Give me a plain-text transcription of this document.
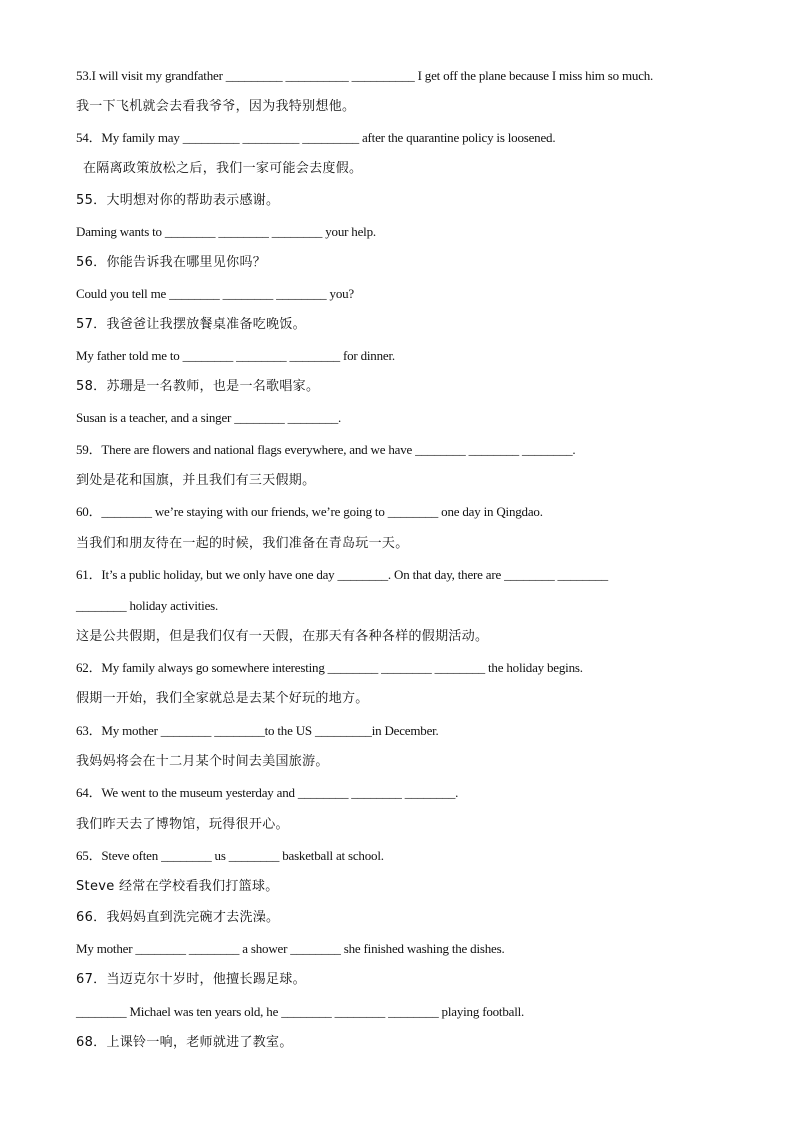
53.I will visit my grandfather _________ __________ __________ I get off the plane because I miss him so much.
我一下飞机就会去看我爷爷，因为我特别想他。
54．My family may _________ _________ _________ after the quarantine policy is loosened.
在隔离政策放松之后，我们一家可能会去度假。
55．大明想对你的帮助表示感谢。
Daming wants to ________ ________ ________ your help.
56．你能告诉我在哪里见你吗？
Could you tell me ________ ________ ________ you?
57．我爸爸让我摆放餐桌准备吃晚饭。
My father told me to ________ ________ ________ for dinner.
58．苏珊是一名教师，也是一名歌唱家。
Susan is a teacher, and a singer ________ ________.
59．There are flowers and national flags everywhere, and we have ________ ________ ________.
到处是花和国旗，并且我们有三天假期。
60．________ we’re staying with our friends, we’re going to ________ one day in Qingdao.
当我们和朋友待在一起的时候，我们准备在青岛玩一天。
61．It’s a public holiday, but we only have one day ________. On that day, there are ________ ________
________ holiday activities.
这是公共假期，但是我们仅有一天假，在那天有各种各样的假期活动。
62．My family always go somewhere interesting ________ ________ ________ the holiday begins.
假期一开始，我们全家就总是去某个好玩的地方。
63．My mother ________ ________to the US _________in December.
我妈妈将会在十二月某个时间去美国旅游。
64．We went to the museum yesterday and ________ ________ ________.
我们昨天去了博物馆，玩得很开心。
65．Steve often ________ us ________ basketball at school.
Steve 经常在学校看我们打篮球。
66．我妈妈直到洗完碗才去洗澡。
My mother ________ ________ a shower ________ she finished washing the dishes.
67．当迈克尔十岁时，他擅长踢足球。
________ Michael was ten years old, he ________ ________ ________ playing football.
68．上课铃一响，老师就进了教室。
